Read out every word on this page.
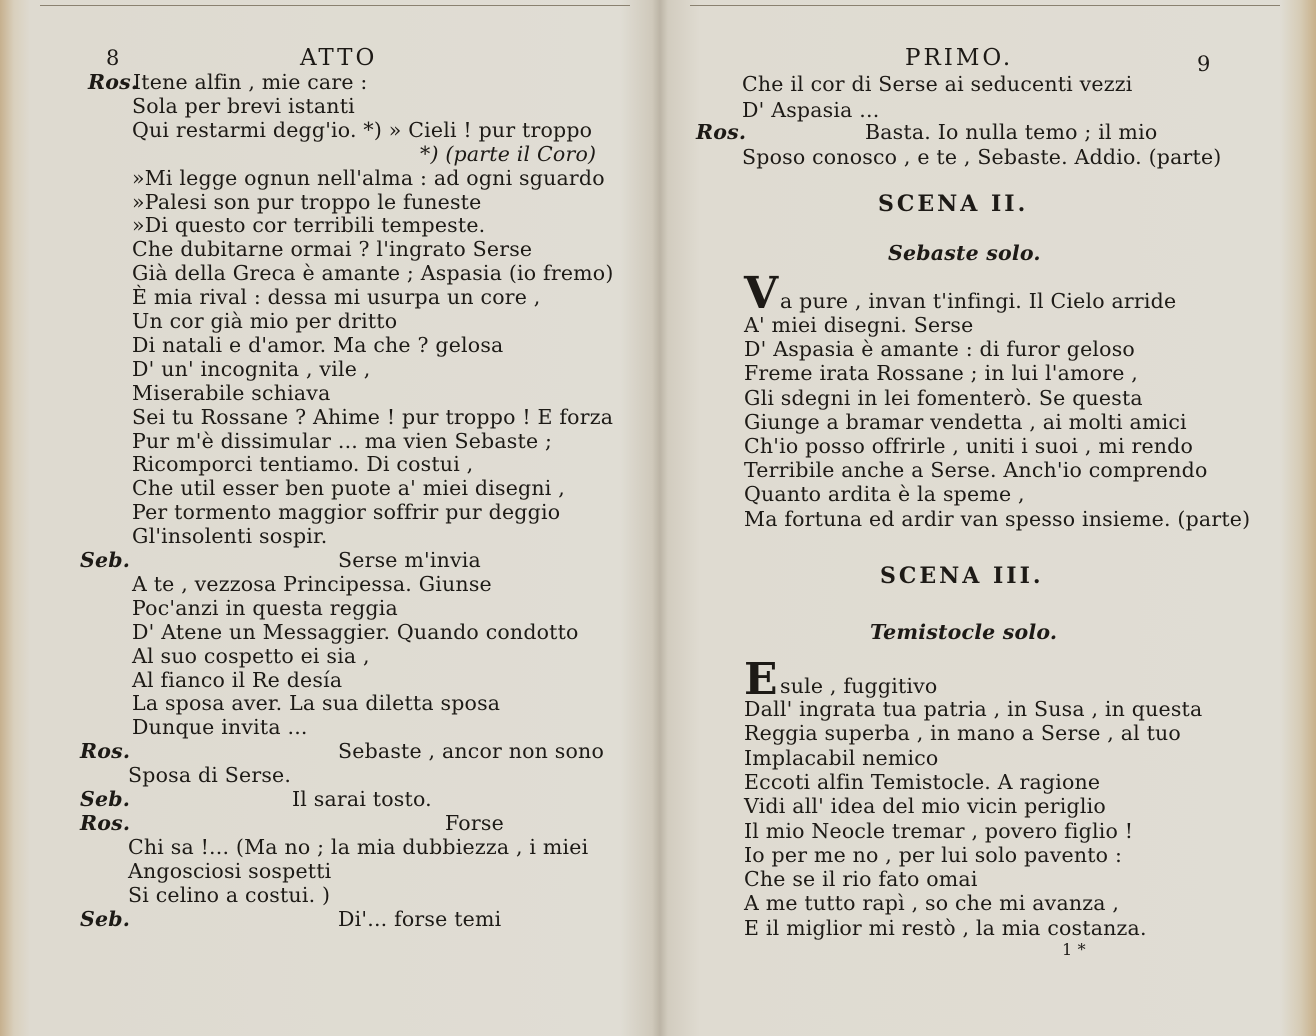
8	ATTO
Ros.
Itene alfin , mie care :
Sola per brevi istanti
Qui restarmi degg'io. *) » Cieli ! pur troppo
*) (parte il Coro)
»Mi legge ognun nell'alma : ad ogni sguardo
»Palesi son pur troppo le funeste
»Di questo cor terribili tempeste.
Che dubitarne ormai ? l'ingrato Serse
Già della Greca è amante ; Aspasia (io fremo)
È mia rival : dessa mi usurpa un core ,
Un cor già mio per dritto
Di natali e d'amor. Ma che ? gelosa
D' un' incognita , vile ,
Miserabile schiava
Sei tu Rossane ? Ahime ! pur troppo ! E forza
Pur m'è dissimular ... ma vien Sebaste ;
Ricomporci tentiamo. Di costui ,
Che util esser ben puote a' miei disegni ,
Per tormento maggior soffrir pur deggio
Gl'insolenti sospir.
Seb.	Serse m'invia
A te , vezzosa Principessa. Giunse
Poc'anzi in questa reggia
D' Atene un Messaggier. Quando condotto
Al suo cospetto ei sia ,
Al fianco il Re desía
La sposa aver. La sua diletta sposa
Dunque invita ...
Ros.	Sebaste , ancor non sono
Sposa di Serse.
Seb.	Il sarai tosto.
Ros.	Forse
Chi sa !... (Ma no ; la mia dubbiezza , i miei
Angosciosi sospetti
Si celino a costui. )
Seb.	Di'... forse temi
PRIMO.	9
Che il cor di Serse ai seducenti vezzi
D' Aspasia ...
Ros.	Basta. Io nulla temo ; il mio
Sposo conosco , e te , Sebaste. Addio. (parte)
SCENA II.
Sebaste solo.
V a pure , invan t'infingi. Il Cielo arride
A' miei disegni. Serse
D' Aspasia è amante : di furor geloso
Freme irata Rossane ; in lui l'amore ,
Gli sdegni in lei fomenterò. Se questa
Giunge a bramar vendetta , ai molti amici
Ch'io posso offrirle , uniti i suoi , mi rendo
Terribile anche a Serse. Anch'io comprendo
Quanto ardita è la speme ,
Ma fortuna ed ardir van spesso insieme. (parte)
SCENA III.
Temistocle solo.
E sule , fuggitivo
Dall' ingrata tua patria , in Susa , in questa
Reggia superba , in mano a Serse , al tuo
Implacabil nemico
Eccoti alfin Temistocle. A ragione
Vidi all' idea del mio vicin periglio
Il mio Neocle tremar , povero figlio !
Io per me no , per lui solo pavento :
Che se il rio fato omai
A me tutto rapì , so che mi avanza ,
E il miglior mi restò , la mia costanza.
1 *
